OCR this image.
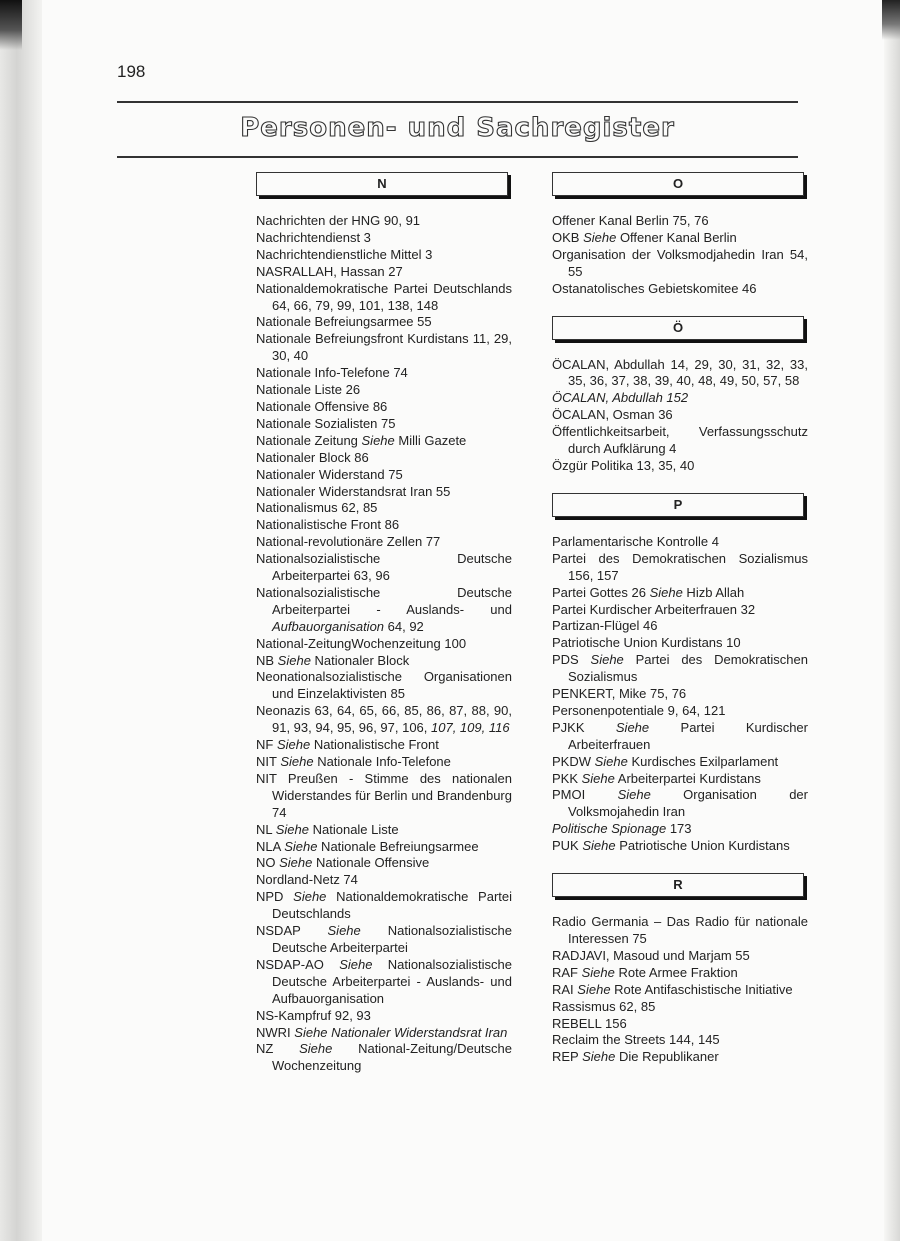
198
Personen- und Sachregister
N
Nachrichten der HNG 90, 91
Nachrichtendienst 3
Nachrichtendienstliche Mittel 3
NASRALLAH, Hassan 27
Nationaldemokratische Partei Deutschlands 64, 66, 79, 99, 101, 138, 148
Nationale Befreiungsarmee 55
Nationale Befreiungsfront Kurdistans 11, 29, 30, 40
Nationale Info-Telefone 74
Nationale Liste 26
Nationale Offensive 86
Nationale Sozialisten 75
Nationale Zeitung Siehe Milli Gazete
Nationaler Block 86
Nationaler Widerstand 75
Nationaler Widerstandsrat Iran 55
Nationalismus 62, 85
Nationalistische Front 86
National-revolutionäre Zellen 77
Nationalsozialistische Deutsche Arbeiterpartei 63, 96
Nationalsozialistische Deutsche Arbeiterpartei - Auslands- und Aufbauorganisation 64, 92
National-ZeitungWochenzeitung 100
NB Siehe Nationaler Block
Neonationalsozialistische Organisationen und Einzelaktivisten 85
Neonazis 63, 64, 65, 66, 85, 86, 87, 88, 90, 91, 93, 94, 95, 96, 97, 106, 107, 109, 116
NF Siehe Nationalistische Front
NIT Siehe Nationale Info-Telefone
NIT Preußen - Stimme des nationalen Widerstandes für Berlin und Brandenburg 74
NL Siehe Nationale Liste
NLA Siehe Nationale Befreiungsarmee
NO Siehe Nationale Offensive
Nordland-Netz 74
NPD Siehe Nationaldemokratische Partei Deutschlands
NSDAP Siehe Nationalsozialistische Deutsche Arbeiterpartei
NSDAP-AO Siehe Nationalsozialistische Deutsche Arbeiterpartei - Auslands- und Aufbauorganisation
NS-Kampfruf 92, 93
NWRI Siehe Nationaler Widerstandsrat Iran
NZ Siehe National-Zeitung/Deutsche Wochenzeitung
O
Offener Kanal Berlin 75, 76
OKB Siehe Offener Kanal Berlin
Organisation der Volksmodjahedin Iran 54, 55
Ostanatolisches Gebietskomitee 46
Ö
ÖCALAN, Abdullah 14, 29, 30, 31, 32, 33, 35, 36, 37, 38, 39, 40, 48, 49, 50, 57, 58
ÖCALAN, Abdullah 152
ÖCALAN, Osman 36
Öffentlichkeitsarbeit, Verfassungsschutz durch Aufklärung 4
Özgür Politika 13, 35, 40
P
Parlamentarische Kontrolle 4
Partei des Demokratischen Sozialismus 156, 157
Partei Gottes 26 Siehe Hizb Allah
Partei Kurdischer Arbeiterfrauen 32
Partizan-Flügel 46
Patriotische Union Kurdistans 10
PDS Siehe Partei des Demokratischen Sozialismus
PENKERT, Mike 75, 76
Personenpotentiale 9, 64, 121
PJKK Siehe Partei Kurdischer Arbeiterfrauen
PKDW Siehe Kurdisches Exilparlament
PKK Siehe Arbeiterpartei Kurdistans
PMOI Siehe Organisation der Volksmojahedin Iran
Politische Spionage 173
PUK Siehe Patriotische Union Kurdistans
R
Radio Germania – Das Radio für nationale Interessen 75
RADJAVI, Masoud und Marjam 55
RAF Siehe Rote Armee Fraktion
RAI Siehe Rote Antifaschistische Initiative
Rassismus 62, 85
REBELL 156
Reclaim the Streets 144, 145
REP Siehe Die Republikaner
